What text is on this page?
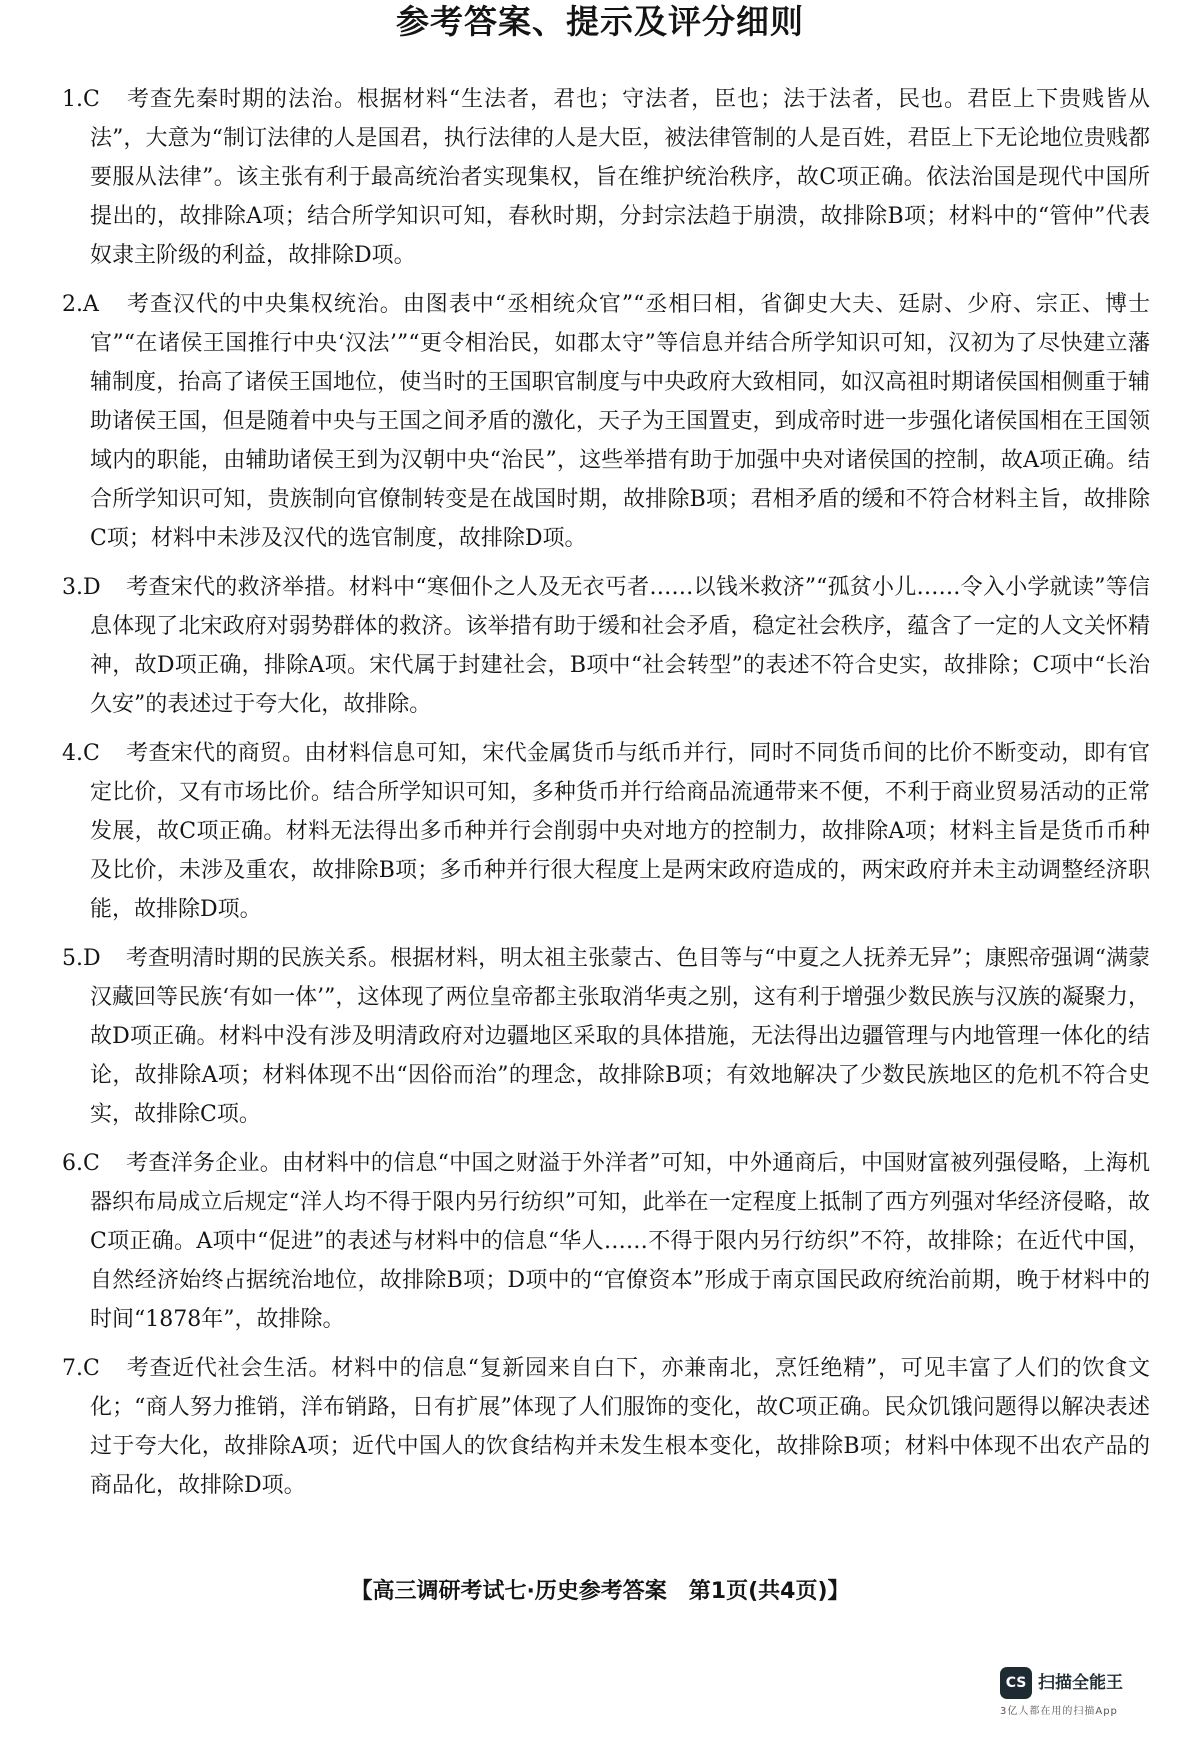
参考答案、提示及评分细则

1.C 考查先秦时期的法治。根据材料“生法者，君也；守法者，臣也；法于法者，民也。君臣上下贵贱皆从法”，大意为“制订法律的人是国君，执行法律的人是大臣，被法律管制的人是百姓，君臣上下无论地位贵贱都要服从法律”。该主张有利于最高统治者实现集权，旨在维护统治秩序，故C项正确。依法治国是现代中国所提出的，故排除A项；结合所学知识可知，春秋时期，分封宗法趋于崩溃，故排除B项；材料中的“管仲”代表奴隶主阶级的利益，故排除D项。

2.A 考查汉代的中央集权统治。由图表中“丞相统众官”“丞相曰相，省御史大夫、廷尉、少府、宗正、博士官”“在诸侯王国推行中央‘汉法’”“更令相治民，如郡太守”等信息并结合所学知识可知，汉初为了尽快建立藩辅制度，抬高了诸侯王国地位，使当时的王国职官制度与中央政府大致相同，如汉高祖时期诸侯国相侧重于辅助诸侯王国，但是随着中央与王国之间矛盾的激化，天子为王国置吏，到成帝时进一步强化诸侯国相在王国领域内的职能，由辅助诸侯王到为汉朝中央“治民”，这些举措有助于加强中央对诸侯国的控制，故A项正确。结合所学知识可知，贵族制向官僚制转变是在战国时期，故排除B项；君相矛盾的缓和不符合材料主旨，故排除C项；材料中未涉及汉代的选官制度，故排除D项。

3.D 考查宋代的救济举措。材料中“寒佃仆之人及无衣丐者……以钱米救济”“孤贫小儿……令入小学就读”等信息体现了北宋政府对弱势群体的救济。该举措有助于缓和社会矛盾，稳定社会秩序，蕴含了一定的人文关怀精神，故D项正确，排除A项。宋代属于封建社会，B项中“社会转型”的表述不符合史实，故排除；C项中“长治久安”的表述过于夸大化，故排除。

4.C 考查宋代的商贸。由材料信息可知，宋代金属货币与纸币并行，同时不同货币间的比价不断变动，即有官定比价，又有市场比价。结合所学知识可知，多种货币并行给商品流通带来不便，不利于商业贸易活动的正常发展，故C项正确。材料无法得出多币种并行会削弱中央对地方的控制力，故排除A项；材料主旨是货币币种及比价，未涉及重农，故排除B项；多币种并行很大程度上是两宋政府造成的，两宋政府并未主动调整经济职能，故排除D项。

5.D 考查明清时期的民族关系。根据材料，明太祖主张蒙古、色目等与“中夏之人抚养无异”；康熙帝强调“满蒙汉藏回等民族‘有如一体’”，这体现了两位皇帝都主张取消华夷之别，这有利于增强少数民族与汉族的凝聚力，故D项正确。材料中没有涉及明清政府对边疆地区采取的具体措施，无法得出边疆管理与内地管理一体化的结论，故排除A项；材料体现不出“因俗而治”的理念，故排除B项；有效地解决了少数民族地区的危机不符合史实，故排除C项。

6.C 考查洋务企业。由材料中的信息“中国之财溢于外洋者”可知，中外通商后，中国财富被列强侵略，上海机器织布局成立后规定“洋人均不得于限内另行纺织”可知，此举在一定程度上抵制了西方列强对华经济侵略，故C项正确。A项中“促进”的表述与材料中的信息“华人……不得于限内另行纺织”不符，故排除；在近代中国，自然经济始终占据统治地位，故排除B项；D项中的“官僚资本”形成于南京国民政府统治前期，晚于材料中的时间“1878年”，故排除。

7.C 考查近代社会生活。材料中的信息“复新园来自白下，亦兼南北，烹饪绝精”，可见丰富了人们的饮食文化；“商人努力推销，洋布销路，日有扩展”体现了人们服饰的变化，故C项正确。民众饥饿问题得以解决表述过于夸大化，故排除A项；近代中国人的饮食结构并未发生根本变化，故排除B项；材料中体现不出农产品的商品化，故排除D项。

【高三调研考试七·历史参考答案　第1页(共4页)】
CS 扫描全能王
3亿人都在用的扫描App
